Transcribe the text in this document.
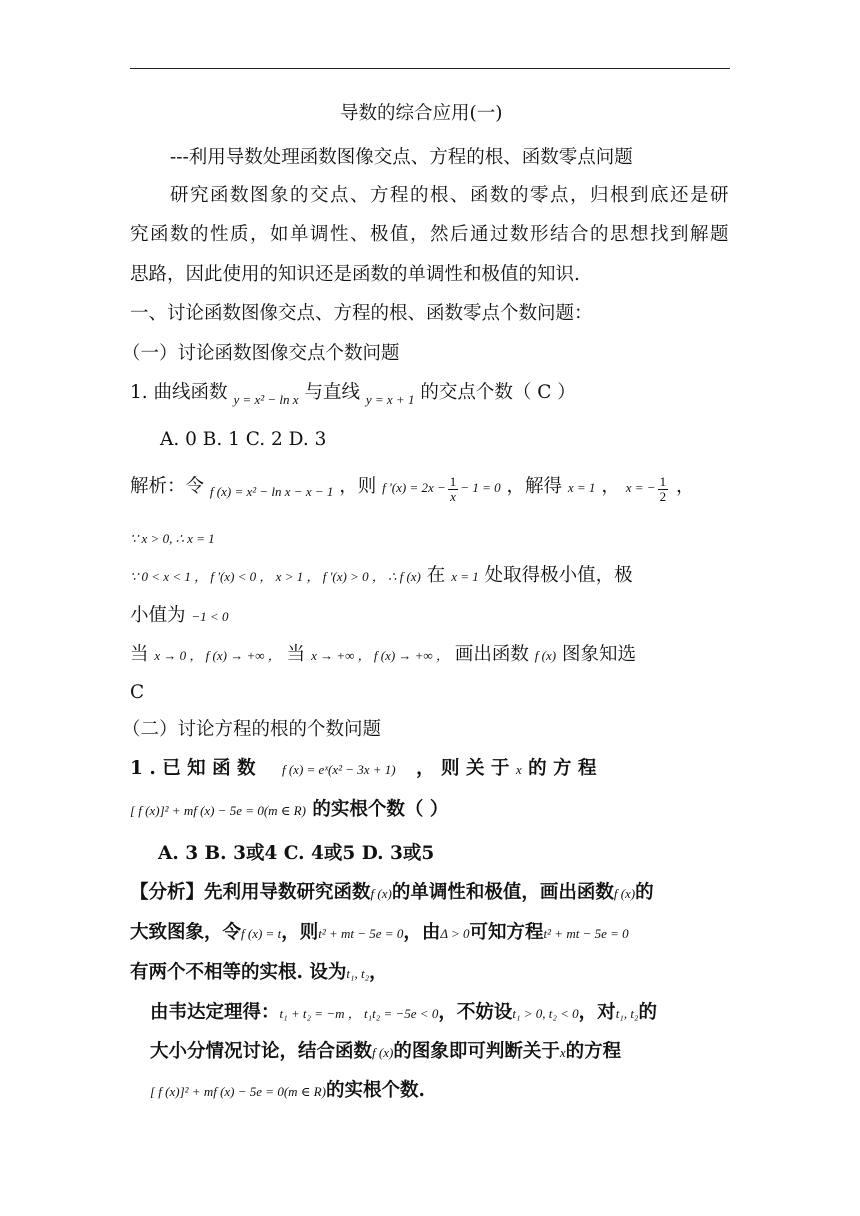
导数的综合应用(一)
---利用导数处理函数图像交点、方程的根、函数零点问题
研究函数图象的交点、方程的根、函数的零点，归根到底还是研
究函数的性质，如单调性、极值，然后通过数形结合的思想找到解题
思路，因此使用的知识还是函数的单调性和极值的知识.
一、讨论函数图像交点、方程的根、函数零点个数问题：
（一）讨论函数图像交点个数问题
1. 曲线函数 $_{y = x^2 - ln x}$ 与直线 $_{y = x + 1}$ 的交点个数（ C ）
A. 0 B. 1 C. 2 D. 3
解析：令 $_{f (x) = x^2 - ln x - x - 1}$ ，则 f '$(x) = 2x - \frac{1}{x} - 1 = 0$ ，解得 x = 1 ， x = − $\frac{1}{2}$ ，
∵ x > 0, ∴ x = 1
∵ 0 < x < 1 ， f '(x) < 0 ， x > 1 ， f '(x) > 0 ， ∴ f (x) 在 x = 1 处取得极小值，极
小值为 −1 < 0
当 x → 0 ， f (x) → +∞ ， 当 x → +∞ ， f (x) → +∞ ， 画出函数 f (x) 图象知选
C
（二）讨论方程的根的个数问题
1 . 已 知 函 数 f (x) = eˣ(x² − 3x + 1) ， 则 关 于 x 的 方 程
[ f (x)]² + mf (x) − 5e = 0(m ∈ R) 的实根个数（ ）
A. 3 B. 3或4 C. 4或5 D. 3或5
【分析】先利用导数研究函数f (x)的单调性和极值，画出函数f (x)的
大致图象，令f (x) = t，则t² + mt − 5e = 0，由Δ > 0可知方程t² + mt − 5e = 0
有两个不相等的实根. 设为t₁, t₂，
由韦达定理得：t₁ + t₂ = −m ， t₁t₂ = −5e < 0，不妨设t₁ > 0, t₂ < 0，对t₁, t₂的
大小分情况讨论，结合函数f (x)的图象即可判断关于x的方程
[ f (x)]² + mf (x) − 5e = 0(m ∈ R)的实根个数.
